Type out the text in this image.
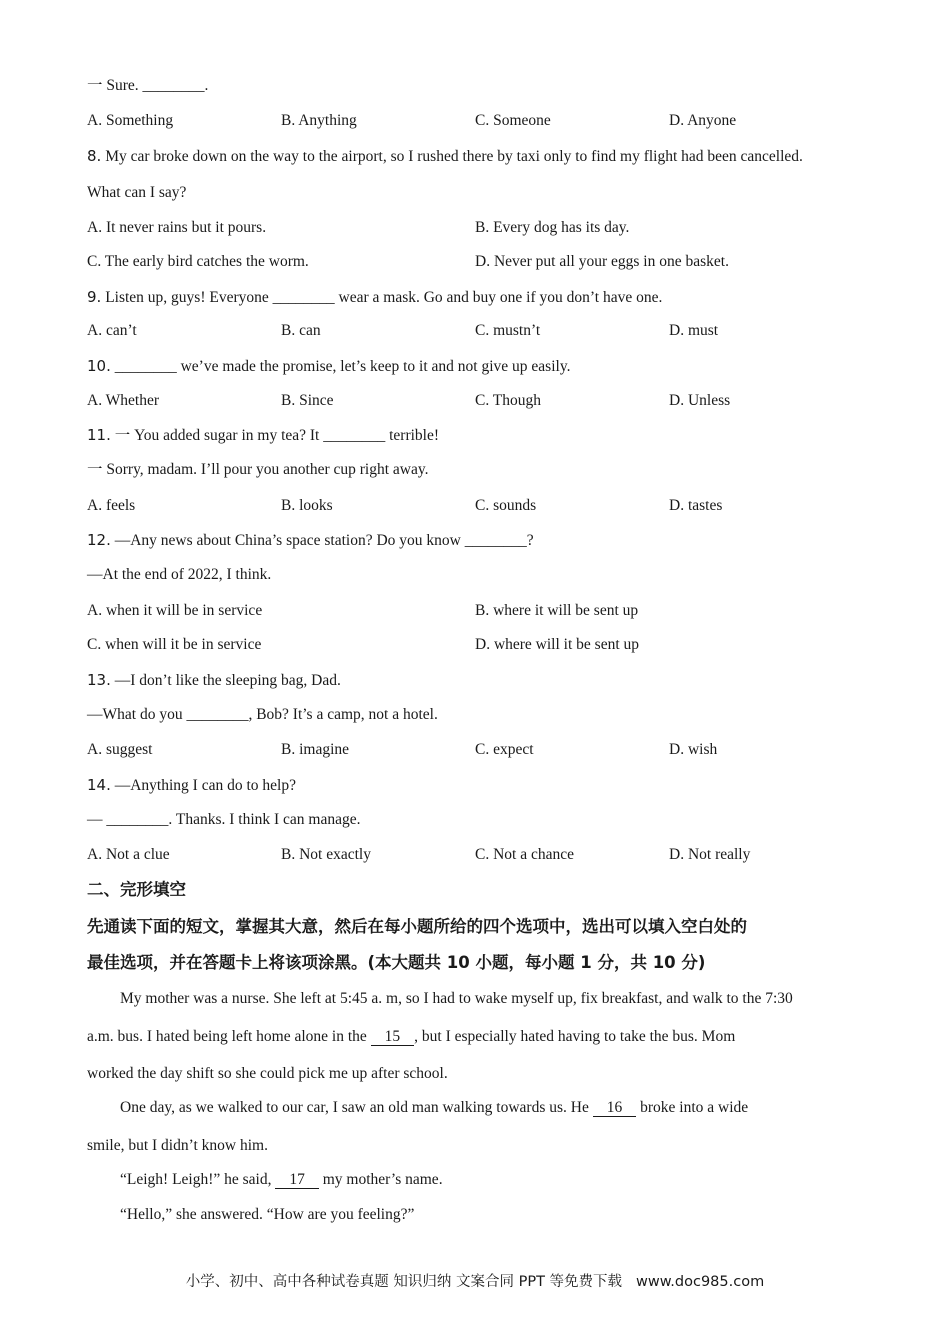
一 Sure. ________.
A. Something	B. Anything	C. Someone	D. Anyone
8. My car broke down on the way to the airport, so I rushed there by taxi only to find my flight had been cancelled.
What can I say?
A. It never rains but it pours.	B. Every dog has its day.
C. The early bird catches the worm.	D. Never put all your eggs in one basket.
9. Listen up, guys! Everyone ________ wear a mask. Go and buy one if you don’t have one.
A. can’t	B. can	C. mustn’t	D. must
10. ________ we’ve made the promise, let’s keep to it and not give up easily.
A. Whether	B. Since	C. Though	D. Unless
11. 一 You added sugar in my tea? It ________ terrible!
一 Sorry, madam. I’ll pour you another cup right away.
A. feels	B. looks	C. sounds	D. tastes
12. —Any news about China’s space station? Do you know ________?
—At the end of 2022, I think.
A. when it will be in service	B. where it will be sent up
C. when will it be in service	D. where will it be sent up
13. —I don’t like the sleeping bag, Dad.
—What do you ________, Bob? It’s a camp, not a hotel.
A. suggest	B. imagine	C. expect	D. wish
14. —Anything I can do to help?
— ________. Thanks. I think I can manage.
A. Not a clue	B. Not exactly	C. Not a chance	D. Not really
二、完形填空
先通读下面的短文，掌握其大意，然后在每小题所给的四个选项中，选出可以填入空白处的
最佳选项，并在答题卡上将该项涂黑。(本大题共 10 小题，每小题 1 分，共 10 分)
My mother was a nurse. She left at 5:45 a. m, so I had to wake myself up, fix breakfast, and walk to the 7:30
a.m. bus. I hated being left home alone in the 15 , but I especially hated having to take the bus. Mom
worked the day shift so she could pick me up after school.
One day, as we walked to our car, I saw an old man walking towards us. He 16 broke into a wide
smile, but I didn’t know him.
“Leigh! Leigh!” he said, 17 my mother’s name.
“Hello,” she answered. “How are you feeling?”
小学、初中、高中各种试卷真题 知识归纳 文案合同 PPT 等免费下载 www.doc985.com
